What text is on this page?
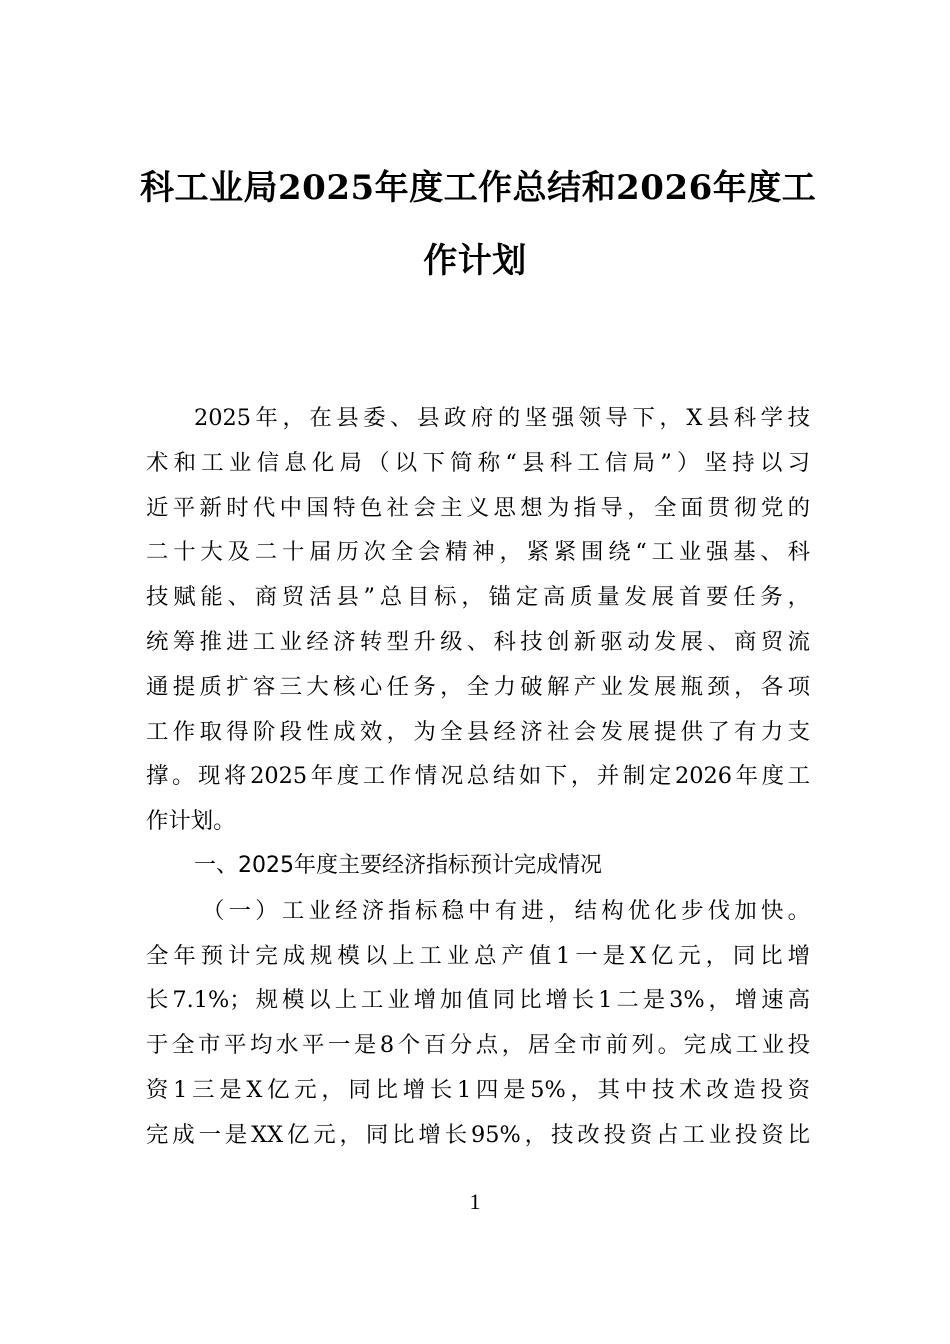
科工业局2025年度工作总结和2026年度工
作计划
2025年，在县委、县政府的坚强领导下，X县科学技
术和工业信息化局（以下简称“县科工信局”）坚持以习
近平新时代中国特色社会主义思想为指导，全面贯彻党的
二十大及二十届历次全会精神，紧紧围绕“工业强基、科
技赋能、商贸活县”总目标，锚定高质量发展首要任务，
统筹推进工业经济转型升级、科技创新驱动发展、商贸流
通提质扩容三大核心任务，全力破解产业发展瓶颈，各项
工作取得阶段性成效，为全县经济社会发展提供了有力支
撑。现将2025年度工作情况总结如下，并制定2026年度工
作计划。
一、2025年度主要经济指标预计完成情况
（一）工业经济指标稳中有进，结构优化步伐加快。
全年预计完成规模以上工业总产值1一是X亿元，同比增
长7.1%；规模以上工业增加值同比增长1二是3%，增速高
于全市平均水平一是8个百分点，居全市前列。完成工业投
资1三是X亿元，同比增长1四是5%，其中技术改造投资
完成一是XX亿元，同比增长95%，技改投资占工业投资比
1
